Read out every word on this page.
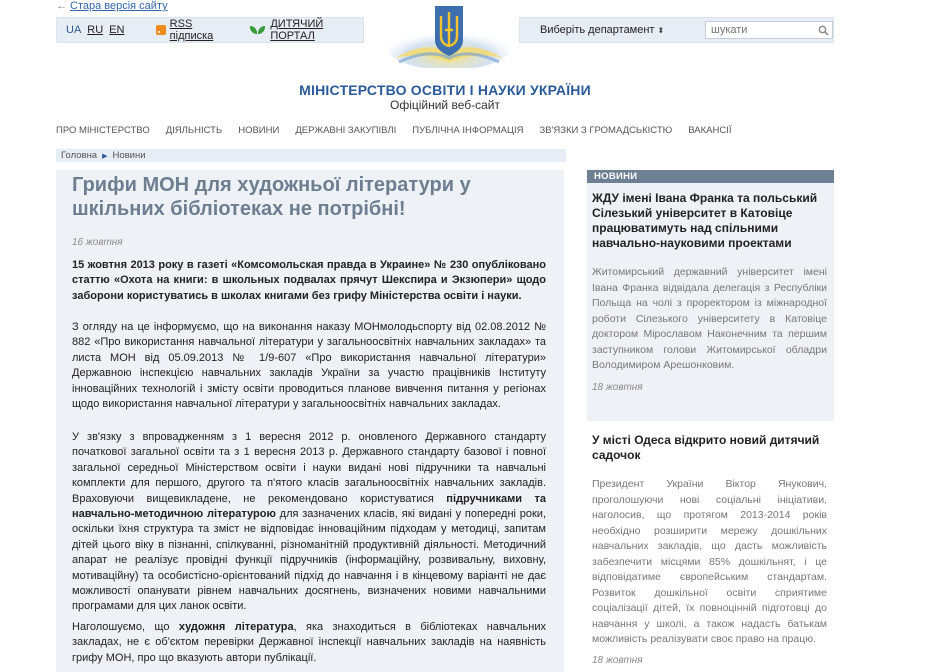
← Стара версія сайту
UA RU EN	RSS підписка
ДИТЯЧИЙ ПОРТАЛ	Виберіть департамент ⬍
шукати
МІНІСТЕРСТВО ОСВІТИ І НАУКИ УКРАЇНИ
Офіційний веб-сайт
ПРО МІНІСТЕРСТВО ДІЯЛЬНІСТЬ НОВИНИ ДЕРЖАВНІ ЗАКУПІВЛІ ПУБЛІЧНА ІНФОРМАЦІЯ ЗВ'ЯЗКИ З ГРОМАДСЬКІСТЮ ВАКАНСІЇ
Головна ▶ Новини
Грифи МОН для художньої літератури у шкільних бібліотеках не потрібні!
16 жовтня
15 жовтня 2013 року в газеті «Комсомольская правда в Украине» № 230 опубліковано статтю «Охота на книги: в школьных подвалах прячут Шекспира и Экзюпери» щодо заборони користуватись в школах книгами без грифу Міністерства освіти і науки.
З огляду на це інформуємо, що на виконання наказу МОНмолодьспорту від 02.08.2012 № 882 «Про використання навчальної літератури у загальноосвітніх навчальних закладах» та листа МОН від 05.09.2013 № 1/9-607 «Про використання навчальної літератури» Державною інспекцією навчальних закладів України за участю працівників Інституту інноваційних технологій і змісту освіти проводиться планове вивчення питання у регіонах щодо використання навчальної літератури у загальноосвітніх навчальних закладах.
У зв'язку з впровадженням з 1 вересня 2012 р. оновленого Державного стандарту початкової загальної освіти та з 1 вересня 2013 р. Державного стандарту базової і повної загальної середньої Міністерством освіти і науки видані нові підручники та навчальні комплекти для першого, другого та п'ятого класів загальноосвітніх навчальних закладів. Враховуючи вищевикладене, не рекомендовано користуватися підручниками та навчально-методичною літературою для зазначених класів, які видані у попередні роки, оскільки їхня структура та зміст не відповідає інноваційним підходам у методиці, запитам дітей цього віку в пізнанні, спілкуванні, різноманітній продуктивній діяльності. Методичний апарат не реалізує провідні функції підручників (інформаційну, розвивальну, виховну, мотиваційну) та особистісно-орієнтований підхід до навчання і в кінцевому варіанті не дає можливості опанувати рівнем навчальних досягнень, визначених новими навчальними програмами для цих ланок освіти.
Наголошуємо, що художня література, яка знаходиться в бібліотеках навчальних закладах, не є об'єктом перевірки Державної інспекції навчальних закладів на наявність грифу МОН, про що вказують автори публікації.
НОВИНИ
ЖДУ імені Івана Франка та польський Сілезький університет в Катовіце працюватимуть над спільними навчально-науковими проектами
Житомирський державний університет імені Івана Франка відвідала делегація з Республіки Польща на чолі з проректором із міжнародної роботи Сілезького університету в Катовіце доктором Мірославом Наконечним та першим заступником голови Житомирської обладри Володимиром Арешонковим.
18 жовтня
У місті Одеса відкрито новий дитячий садочок
Президент України Віктор Янукович, проголошуючи нові соціальні ініціативи, наголосив, що протягом 2013-2014 років необхідно розширити мережу дошкільних навчальних закладів, що дасть можливість забезпечити місцями 85% дошкільнят, і це відповідатиме європейським стандартам. Розвиток дошкільної освіти сприятиме соціалізації дітей, їх повноцінній підготовці до навчання у школі, а також надасть батькам можливість реалізувати своє право на працю.
18 жовтня
